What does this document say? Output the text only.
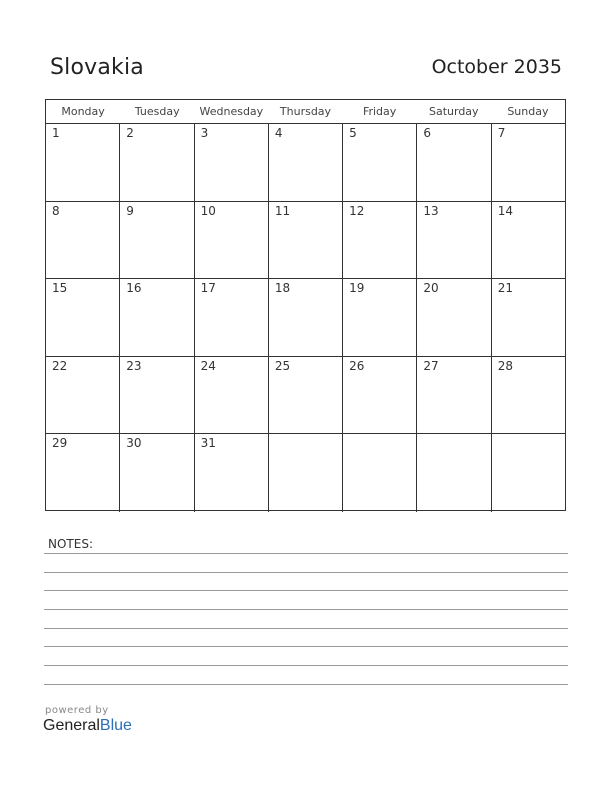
Slovakia	October 2035
Monday	Tuesday	Wednesday	Thursday	Friday	Saturday	Sunday
1	2	3	4	5	6	7
8	9	10	11	12	13	14
15	16	17	18	19	20	21
22	23	24	25	26	27	28
29	30	31
NOTES:
powered by
GeneralBlue
